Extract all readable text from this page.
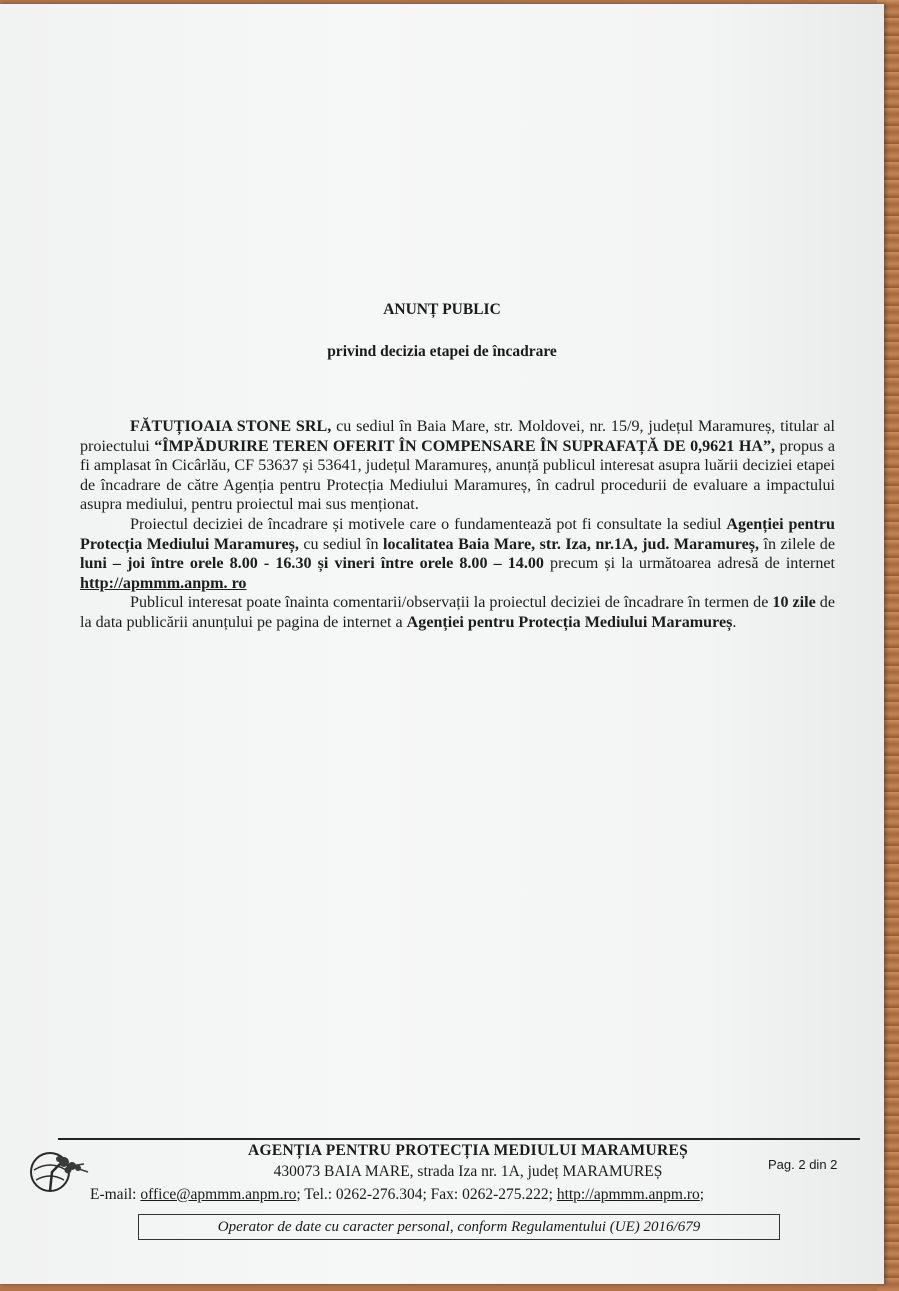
ANUNȚ PUBLIC
privind decizia etapei de încadrare

FĂTUȚIOAIA STONE SRL, cu sediul în Baia Mare, str. Moldovei, nr. 15/9, județul Maramureș, titular al proiectului “ÎMPĂDURIRE TEREN OFERIT ÎN COMPENSARE ÎN SUPRAFAȚĂ DE 0,9621 HA”, propus a fi amplasat în Cicârlău, CF 53637 și 53641, județul Maramureș, anunță publicul interesat asupra luării deciziei etapei de încadrare de către Agenția pentru Protecția Mediului Maramureș, în cadrul procedurii de evaluare a impactului asupra mediului, pentru proiectul mai sus menționat.

Proiectul deciziei de încadrare și motivele care o fundamentează pot fi consultate la sediul Agenției pentru Protecția Mediului Maramureș, cu sediul în localitatea Baia Mare, str. Iza, nr.1A, jud. Maramureș, în zilele de luni – joi între orele 8.00 - 16.30 și vineri între orele 8.00 – 14.00 precum și la următoarea adresă de internet http://apmmm.anpm. ro

Publicul interesat poate înainta comentarii/observații la proiectul deciziei de încadrare în termen de 10 zile de la data publicării anunțului pe pagina de internet a Agenției pentru Protecția Mediului Maramureș.

AGENȚIA PENTRU PROTECȚIA MEDIULUI MARAMUREȘ
430073 BAIA MARE, strada Iza nr. 1A, județ MARAMUREȘ	Pag. 2 din 2
E-mail: office@apmmm.anpm.ro; Tel.: 0262-276.304; Fax: 0262-275.222; http://apmmm.anpm.ro;
Operator de date cu caracter personal, conform Regulamentului (UE) 2016/679
